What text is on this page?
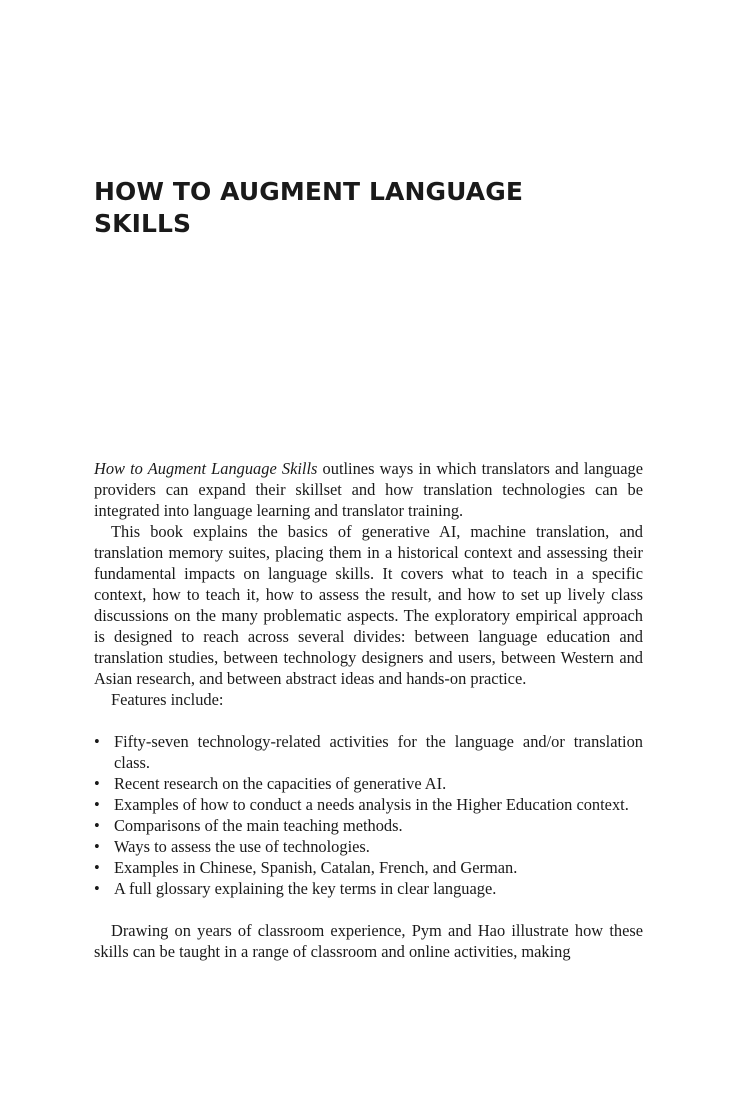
HOW TO AUGMENT LANGUAGE
SKILLS

How to Augment Language Skills outlines ways in which translators and language providers can expand their skillset and how translation technologies can be integrated into language learning and translator training.

This book explains the basics of generative AI, machine translation, and translation memory suites, placing them in a historical context and assessing their fundamental impacts on language skills. It covers what to teach in a specific context, how to teach it, how to assess the result, and how to set up lively class discussions on the many problematic aspects. The exploratory empirical approach is designed to reach across several divides: between language education and translation studies, between technology designers and users, between Western and Asian research, and between abstract ideas and hands-on practice.

Features include:

• Fifty-seven technology-related activities for the language and/or translation class.
• Recent research on the capacities of generative AI.
• Examples of how to conduct a needs analysis in the Higher Education context.
• Comparisons of the main teaching methods.
• Ways to assess the use of technologies.
• Examples in Chinese, Spanish, Catalan, French, and German.
• A full glossary explaining the key terms in clear language.

Drawing on years of classroom experience, Pym and Hao illustrate how these skills can be taught in a range of classroom and online activities, making
